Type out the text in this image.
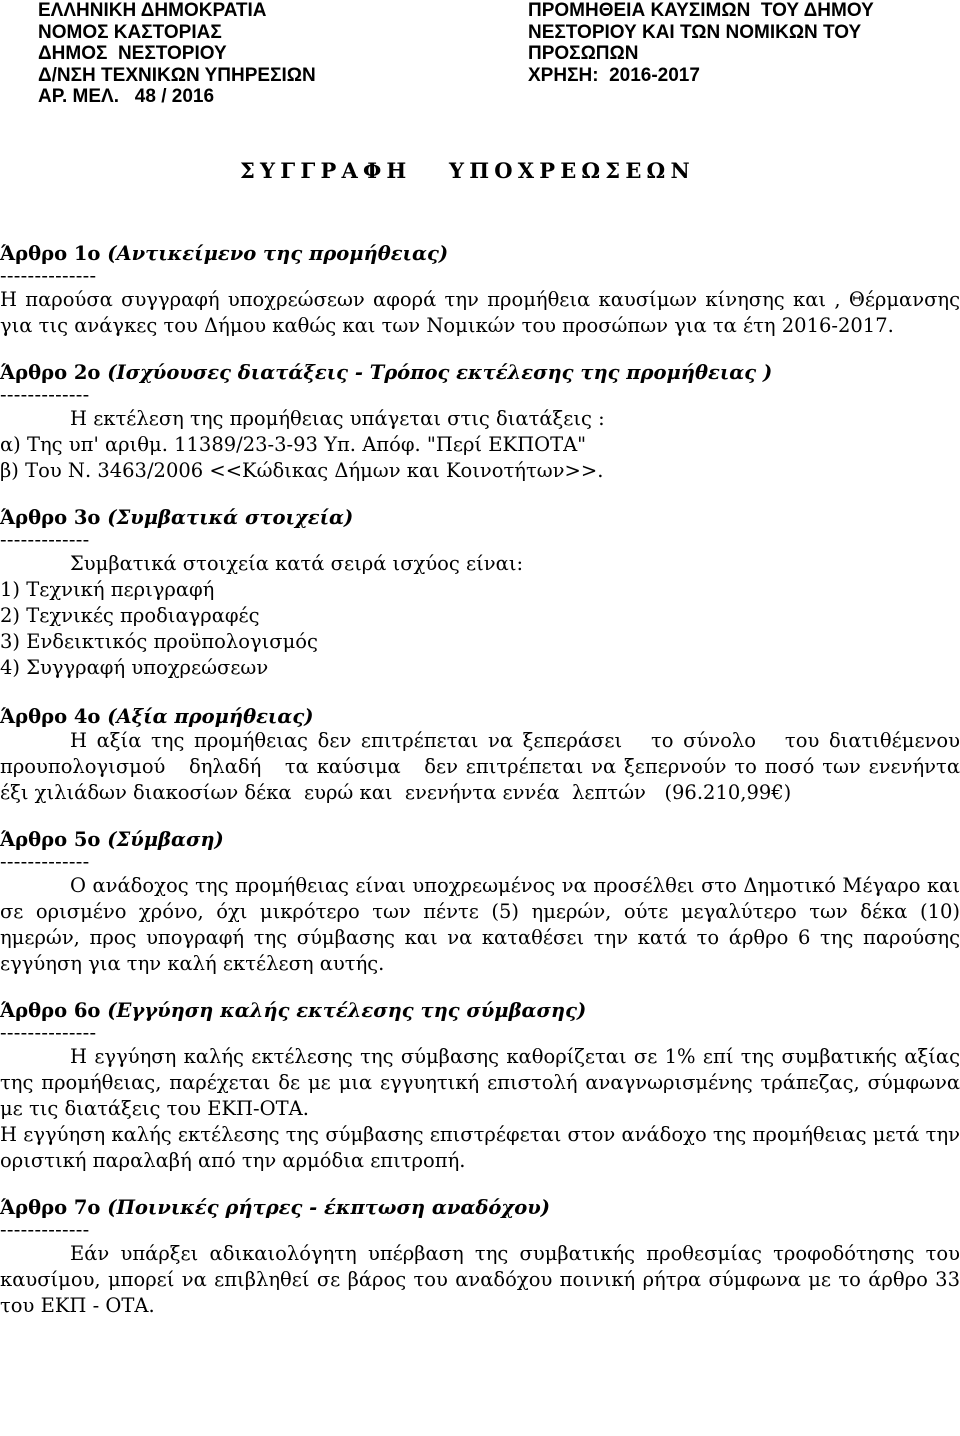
ΕΛΛΗΝΙΚΗ ΔΗΜΟΚΡΑΤΙΑ
ΝΟΜΟΣ ΚΑΣΤΟΡΙΑΣ
ΔΗΜΟΣ  ΝΕΣΤΟΡΙΟΥ
Δ/ΝΣΗ ΤΕΧΝΙΚΩΝ ΥΠΗΡΕΣΙΩΝ
ΑΡ. ΜΕΛ.   48 / 2016
ΠΡΟΜΗΘΕΙΑ ΚΑΥΣΙΜΩΝ  ΤΟΥ ΔΗΜΟΥ
ΝΕΣΤΟΡΙΟΥ ΚΑΙ ΤΩΝ ΝΟΜΙΚΩΝ ΤΟΥ
ΠΡΟΣΩΠΩΝ
ΧΡΗΣΗ:  2016-2017
ΣΥΓΓΡΑΦΗ   ΥΠΟΧΡΕΩΣΕΩΝ
Άρθρο 1ο (Αντικείμενο της προμήθειας)
--------------
Η παρούσα συγγραφή υποχρεώσεων αφορά την προμήθεια καυσίμων κίνησης και , Θέρμανσης για τις ανάγκες του Δήμου καθώς και των Νομικών του προσώπων για τα έτη 2016-2017.
Άρθρο 2ο (Ισχύουσες διατάξεις - Τρόπος εκτέλεσης της προμήθειας )
-------------
Η εκτέλεση της προμήθειας υπάγεται στις διατάξεις :
α) Της υπ' αριθμ. 11389/23-3-93 Υπ. Απόφ. "Περί ΕΚΠΟΤΑ"
β) Του Ν. 3463/2006 <<Κώδικας Δήμων και Κοινοτήτων>>.
Άρθρο 3ο (Συμβατικά στοιχεία)
-------------
Συμβατικά στοιχεία κατά σειρά ισχύος είναι:
1) Τεχνική περιγραφή
2) Τεχνικές προδιαγραφές
3) Ενδεικτικός προϋπολογισμός
4) Συγγραφή υποχρεώσεων
Άρθρο 4ο (Αξία προμήθειας)
Η αξία της προμήθειας δεν επιτρέπεται να ξεπεράσει   το σύνολο   του διατιθέμενου προυπολογισμού   δηλαδή   τα καύσιμα   δεν επιτρέπεται να ξεπερνούν το ποσό των ενενήντα έξι χιλιάδων διακοσίων δέκα  ευρώ και  ενενήντα εννέα  λεπτών   (96.210,99€)
Άρθρο 5ο (Σύμβαση)
-------------
Ο ανάδοχος της προμήθειας είναι υποχρεωμένος να προσέλθει στο Δημοτικό Μέγαρο και σε ορισμένο χρόνο, όχι μικρότερο των πέντε (5) ημερών, ούτε μεγαλύτερο των δέκα (10) ημερών, προς υπογραφή της σύμβασης και να καταθέσει την κατά το άρθρο 6 της παρούσης εγγύηση για την καλή εκτέλεση αυτής.
Άρθρο 6ο (Εγγύηση καλής εκτέλεσης της σύμβασης)
--------------
Η εγγύηση καλής εκτέλεσης της σύμβασης καθορίζεται σε 1% επί της συμβατικής αξίας της προμήθειας, παρέχεται δε με μια εγγυητική επιστολή αναγνωρισμένης τράπεζας, σύμφωνα με τις διατάξεις του ΕΚΠ-ΟΤΑ.
Η εγγύηση καλής εκτέλεσης της σύμβασης επιστρέφεται στον ανάδοχο της προμήθειας μετά την οριστική παραλαβή από την αρμόδια επιτροπή.
Άρθρο 7ο (Ποινικές ρήτρες - έκπτωση αναδόχου)
-------------
Εάν υπάρξει αδικαιολόγητη υπέρβαση της συμβατικής προθεσμίας τροφοδότησης του καυσίμου, μπορεί να επιβληθεί σε βάρος του αναδόχου ποινική ρήτρα σύμφωνα με το άρθρο 33 του ΕΚΠ - ΟΤΑ.
